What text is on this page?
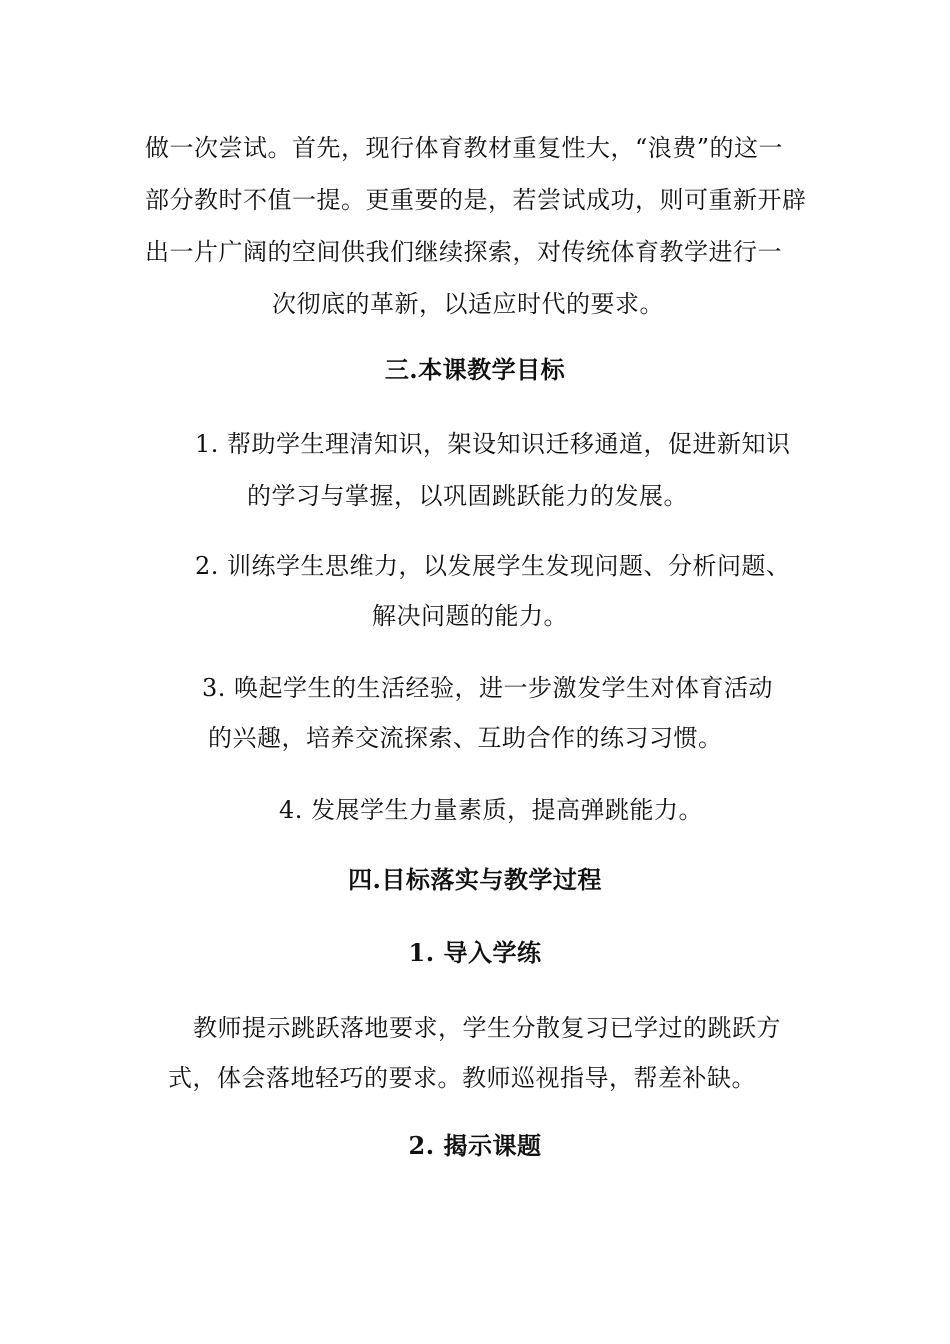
做一次尝试。首先，现行体育教材重复性大，“浪费”的这一
部分教时不值一提。更重要的是，若尝试成功，则可重新开辟
出一片广阔的空间供我们继续探索，对传统体育教学进行一
次彻底的革新，以适应时代的要求。
三.本课教学目标
1. 帮助学生理清知识，架设知识迁移通道，促进新知识
的学习与掌握，以巩固跳跃能力的发展。
2. 训练学生思维力，以发展学生发现问题、分析问题、
解决问题的能力。
3. 唤起学生的生活经验，进一步激发学生对体育活动
的兴趣，培养交流探索、互助合作的练习习惯。
4. 发展学生力量素质，提高弹跳能力。
四.目标落实与教学过程
1. 导入学练
教师提示跳跃落地要求，学生分散复习已学过的跳跃方
式，体会落地轻巧的要求。教师巡视指导，帮差补缺。
2. 揭示课题
